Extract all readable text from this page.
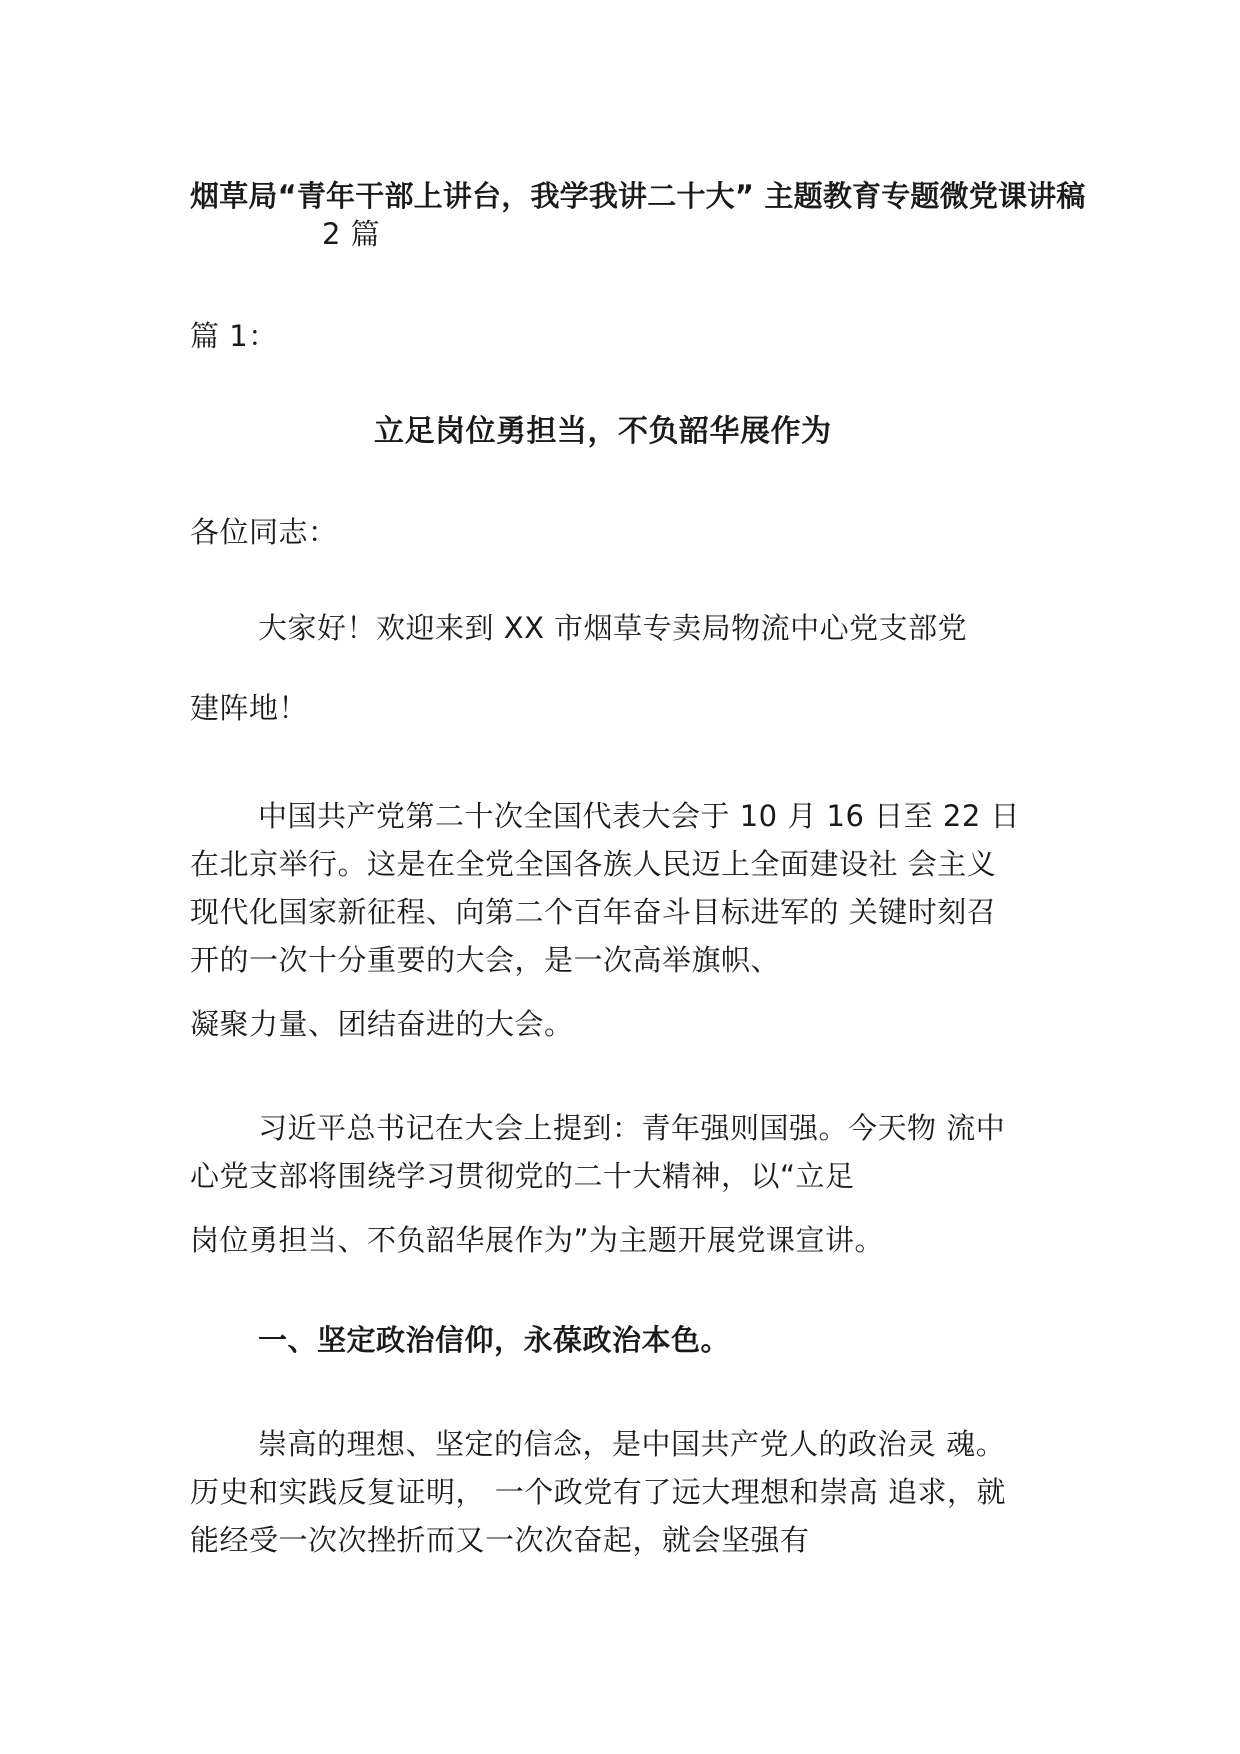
烟草局“青年干部上讲台，我学我讲二十大” 主题教育专题微党课讲稿
2 篇
篇 1：
立足岗位勇担当，不负韶华展作为
各位同志：
大家好！欢迎来到 XX 市烟草专卖局物流中心党支部党
建阵地！
中国共产党第二十次全国代表大会于 10 月 16 日至 22 日
在北京举行。这是在全党全国各族人民迈上全面建设社 会主义
现代化国家新征程、向第二个百年奋斗目标进军的 关键时刻召
开的一次十分重要的大会，是一次高举旗帜、
凝聚力量、团结奋进的大会。
习近平总书记在大会上提到：青年强则国强。今天物 流中
心党支部将围绕学习贯彻党的二十大精神，以“立足
岗位勇担当、不负韶华展作为”为主题开展党课宣讲。
一、坚定政治信仰，永葆政治本色。
崇高的理想、坚定的信念，是中国共产党人的政治灵 魂。
历史和实践反复证明， 一个政党有了远大理想和崇高 追求，就
能经受一次次挫折而又一次次奋起，就会坚强有
